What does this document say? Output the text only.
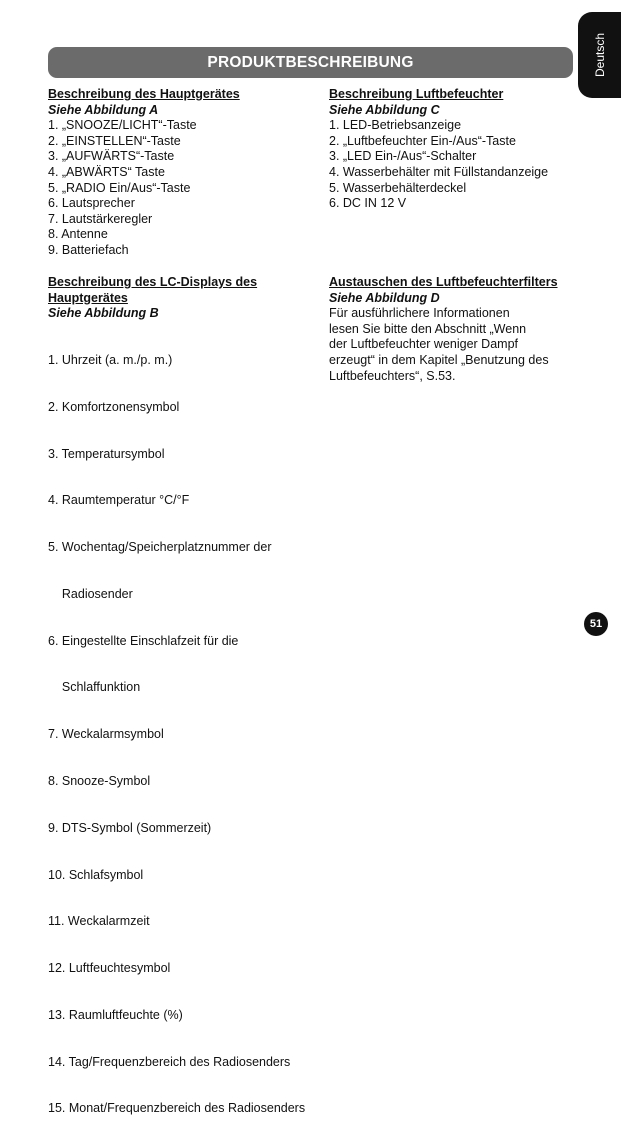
Deutsch
PRODUKTBESCHREIBUNG
Beschreibung des Hauptgerätes
Siehe Abbildung A
1. „SNOOZE/LICHT“-Taste
2. „EINSTELLEN“-Taste
3. „AUFWÄRTS“-Taste
4. „ABWÄRTS“ Taste
5. „RADIO Ein/Aus“-Taste
6. Lautsprecher
7. Lautstärkeregler
8. Antenne
9. Batteriefach
Beschreibung Luftbefeuchter
Siehe Abbildung C
1. LED-Betriebsanzeige
2. „Luftbefeuchter Ein-/Aus“-Taste
3. „LED Ein-/Aus“-Schalter
4. Wasserbehälter mit Füllstandanzeige
5. Wasserbehälterdeckel
6. DC IN 12 V
Beschreibung des LC-Displays des
Hauptgerätes
Siehe Abbildung B

1. Uhrzeit (a. m./p. m.)

2. Komfortzonensymbol

3. Temperatursymbol

4. Raumtemperatur °C/°F

5. Wochentag/Speicherplatznummer der

Radiosender

6. Eingestellte Einschlafzeit für die

Schlaffunktion

7. Weckalarmsymbol

8. Snooze-Symbol

9. DTS-Symbol (Sommerzeit)

10. Schlafsymbol

11. Weckalarmzeit

12. Luftfeuchtesymbol

13. Raumluftfeuchte (%)

14. Tag/Frequenzbereich des Radiosenders

15. Monat/Frequenzbereich des Radiosenders

Austauschen des Luftbefeuchterfilters
Siehe Abbildung D

Für ausführlichere Informationen

lesen Sie bitte den Abschnitt „Wenn

der Luftbefeuchter weniger Dampf

erzeugt“ in dem Kapitel „Benutzung des

Luftbefeuchters“, S.53.

51
